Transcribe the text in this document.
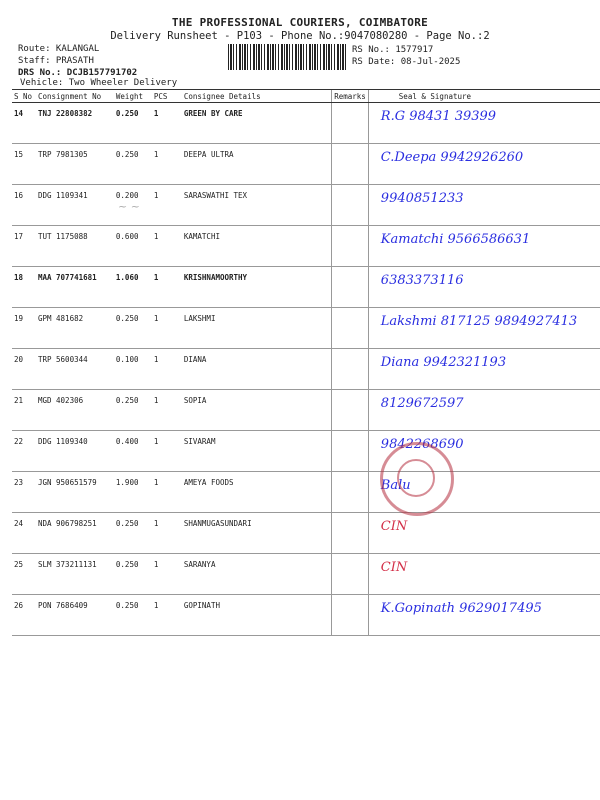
THE PROFESSIONAL COURIERS, COIMBATORE
Delivery Runsheet - P103 - Phone No.:9047080280 - Page No.:2
Route: KALANGAL
Staff: PRASATH
DRS No.: DCJB157791702
Vehicle: Two Wheeler Delivery
RS No.: 1577917
RS Date: 08-Jul-2025
S No	Consignment No	Weight	PCS	Consignee Details	Remarks	Seal & Signature
14	TNJ 22808382	0.250	1	GREEN BY CARE		R.G 98431 39399

15	TRP 7981305	0.250	1	DEEPA ULTRA		C.Deepa 9942926260

16	DDG 1109341	0.200	1	SARASWATHI TEX		9940851233

17	TUT 1175088	0.600	1	KAMATCHI		Kamatchi 9566586631

18	MAA 707741681	1.060	1	KRISHNAMOORTHY		6383373116

19	GPM 481682	0.250	1	LAKSHMI		Lakshmi 817125 9894927413

20	TRP 5600344	0.100	1	DIANA		Diana 9942321193

21	MGD 402306	0.250	1	SOPIA		8129672597

22	DDG 1109340	0.400	1	SIVARAM		9842268690

23	JGN 950651579	1.900	1	AMEYA FOODS		Balu

24	NDA 906798251	0.250	1	SHANMUGASUNDARI		CIN

25	SLM 373211131	0.250	1	SARANYA		CIN

26	PON 7686409	0.250	1	GOPINATH		K.Gopinath 9629017495
~ ~
